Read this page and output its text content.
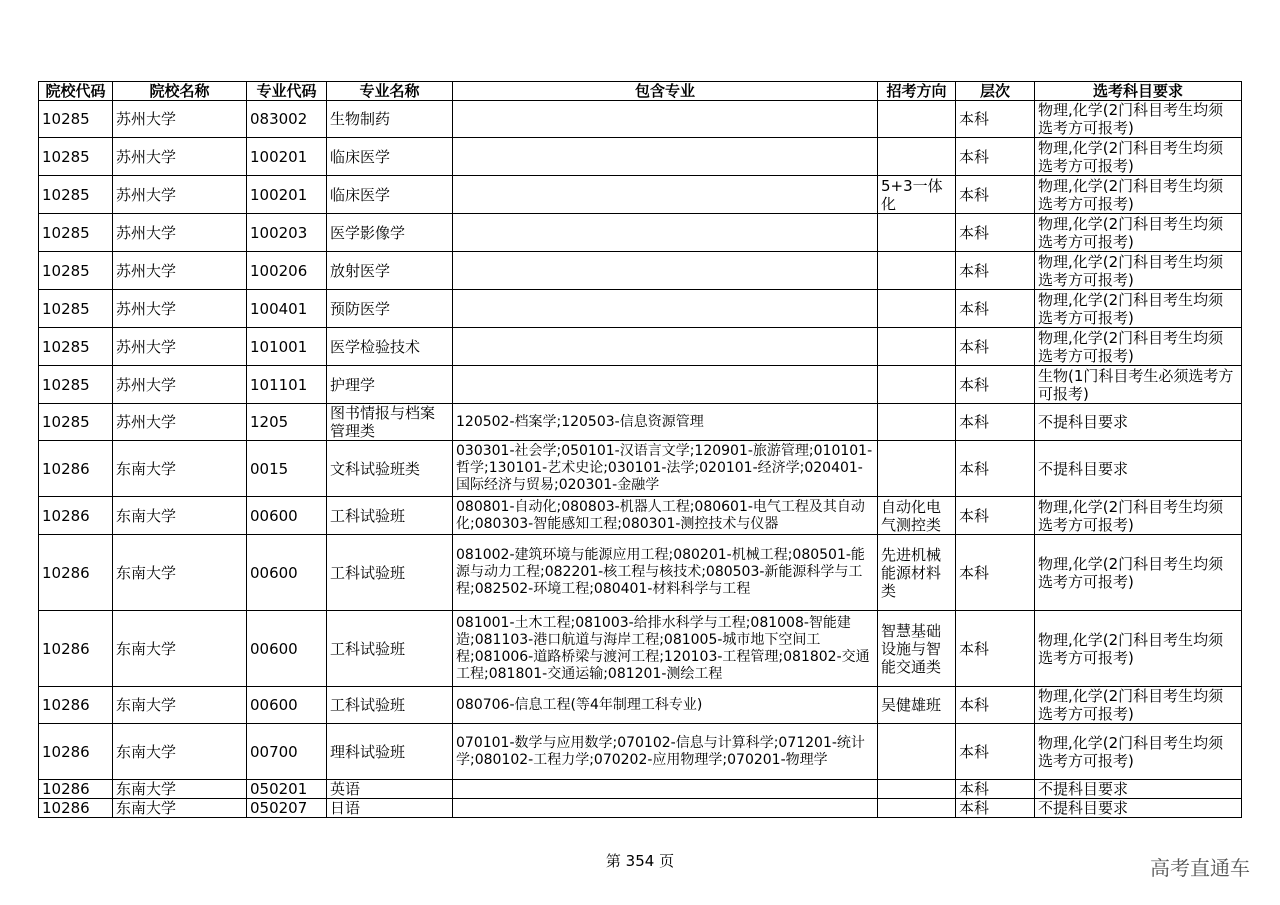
院校代码	院校名称	专业代码	专业名称	包含专业	招考方向	层次	选考科目要求
10285	苏州大学	083002	生物制药			本科	物理,化学(2门科目考生均须选考方可报考)
10285	苏州大学	100201	临床医学			本科	物理,化学(2门科目考生均须选考方可报考)
10285	苏州大学	100201	临床医学		5+3一体化	本科	物理,化学(2门科目考生均须选考方可报考)
10285	苏州大学	100203	医学影像学			本科	物理,化学(2门科目考生均须选考方可报考)
10285	苏州大学	100206	放射医学			本科	物理,化学(2门科目考生均须选考方可报考)
10285	苏州大学	100401	预防医学			本科	物理,化学(2门科目考生均须选考方可报考)
10285	苏州大学	101001	医学检验技术			本科	物理,化学(2门科目考生均须选考方可报考)
10285	苏州大学	101101	护理学			本科	生物(1门科目考生必须选考方可报考)
10285	苏州大学	1205	图书情报与档案管理类	120502-档案学;120503-信息资源管理		本科	不提科目要求
10286	东南大学	0015	文科试验班类	030301-社会学;050101-汉语言文学;120901-旅游管理;010101-哲学;130101-艺术史论;030101-法学;020101-经济学;020401-国际经济与贸易;020301-金融学		本科	不提科目要求
10286	东南大学	00600	工科试验班	080801-自动化;080803-机器人工程;080601-电气工程及其自动化;080303-智能感知工程;080301-测控技术与仪器	自动化电气测控类	本科	物理,化学(2门科目考生均须选考方可报考)
10286	东南大学	00600	工科试验班	081002-建筑环境与能源应用工程;080201-机械工程;080501-能源与动力工程;082201-核工程与核技术;080503-新能源科学与工程;082502-环境工程;080401-材料科学与工程	先进机械能源材料类	本科	物理,化学(2门科目考生均须选考方可报考)
10286	东南大学	00600	工科试验班	081001-土木工程;081003-给排水科学与工程;081008-智能建造;081103-港口航道与海岸工程;081005-城市地下空间工程;081006-道路桥梁与渡河工程;120103-工程管理;081802-交通工程;081801-交通运输;081201-测绘工程	智慧基础设施与智能交通类	本科	物理,化学(2门科目考生均须选考方可报考)
10286	东南大学	00600	工科试验班	080706-信息工程(等4年制理工科专业)	吴健雄班	本科	物理,化学(2门科目考生均须选考方可报考)
10286	东南大学	00700	理科试验班	070101-数学与应用数学;070102-信息与计算科学;071201-统计学;080102-工程力学;070202-应用物理学;070201-物理学		本科	物理,化学(2门科目考生均须选考方可报考)
10286	东南大学	050201	英语			本科	不提科目要求
10286	东南大学	050207	日语			本科	不提科目要求
第 354 页	高考直通车
